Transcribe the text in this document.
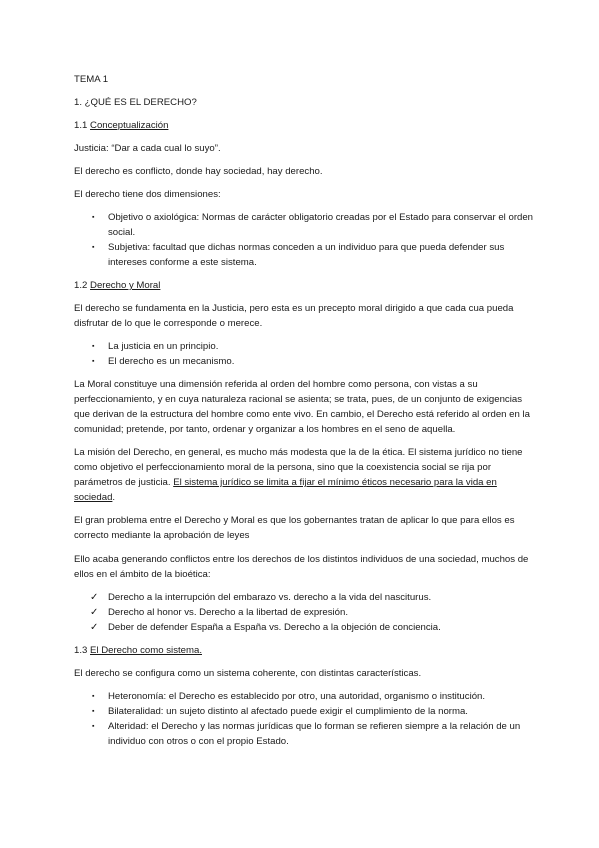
TEMA 1

1. ¿QUÉ ES EL DERECHO?

1.1 Conceptualización

Justicia: “Dar a cada cual lo suyo”.

El derecho es conflicto, donde hay sociedad, hay derecho.

El derecho tiene dos dimensiones:

▪ Objetivo o axiológica: Normas de carácter obligatorio creadas por el Estado para conservar el orden social.
▪ Subjetiva: facultad que dichas normas conceden a un individuo para que pueda defender sus intereses conforme a este sistema.

1.2 Derecho y Moral

El derecho se fundamenta en la Justicia, pero esta es un precepto moral dirigido a que cada cua pueda disfrutar de lo que le corresponde o merece.

▪ La justicia en un principio.
▪ El derecho es un mecanismo.

La Moral constituye una dimensión referida al orden del hombre como persona, con vistas a su perfeccionamiento, y en cuya naturaleza racional se asienta; se trata, pues, de un conjunto de exigencias que derivan de la estructura del hombre como ente vivo. En cambio, el Derecho está referido al orden en la comunidad; pretende, por tanto, ordenar y organizar a los hombres en el seno de aquella.

La misión del Derecho, en general, es mucho más modesta que la de la ética. El sistema jurídico no tiene como objetivo el perfeccionamiento moral de la persona, sino que la coexistencia social se rija por parámetros de justicia. El sistema jurídico se limita a fijar el mínimo éticos necesario para la vida en sociedad.

El gran problema entre el Derecho y Moral es que los gobernantes tratan de aplicar lo que para ellos es correcto mediante la aprobación de leyes

Ello acaba generando conflictos entre los derechos de los distintos individuos de una sociedad, muchos de ellos en el ámbito de la bioética:

✓ Derecho a la interrupción del embarazo vs. derecho a la vida del nasciturus.
✓ Derecho al honor vs. Derecho a la libertad de expresión.
✓ Deber de defender España a España vs. Derecho a la objeción de conciencia.

1.3 El Derecho como sistema.

El derecho se configura como un sistema coherente, con distintas características.

▪ Heteronomía: el Derecho es establecido por otro, una autoridad, organismo o institución.
▪ Bilateralidad: un sujeto distinto al afectado puede exigir el cumplimiento de la norma.
▪ Alteridad: el Derecho y las normas jurídicas que lo forman se refieren siempre a la relación de un individuo con otros o con el propio Estado.
